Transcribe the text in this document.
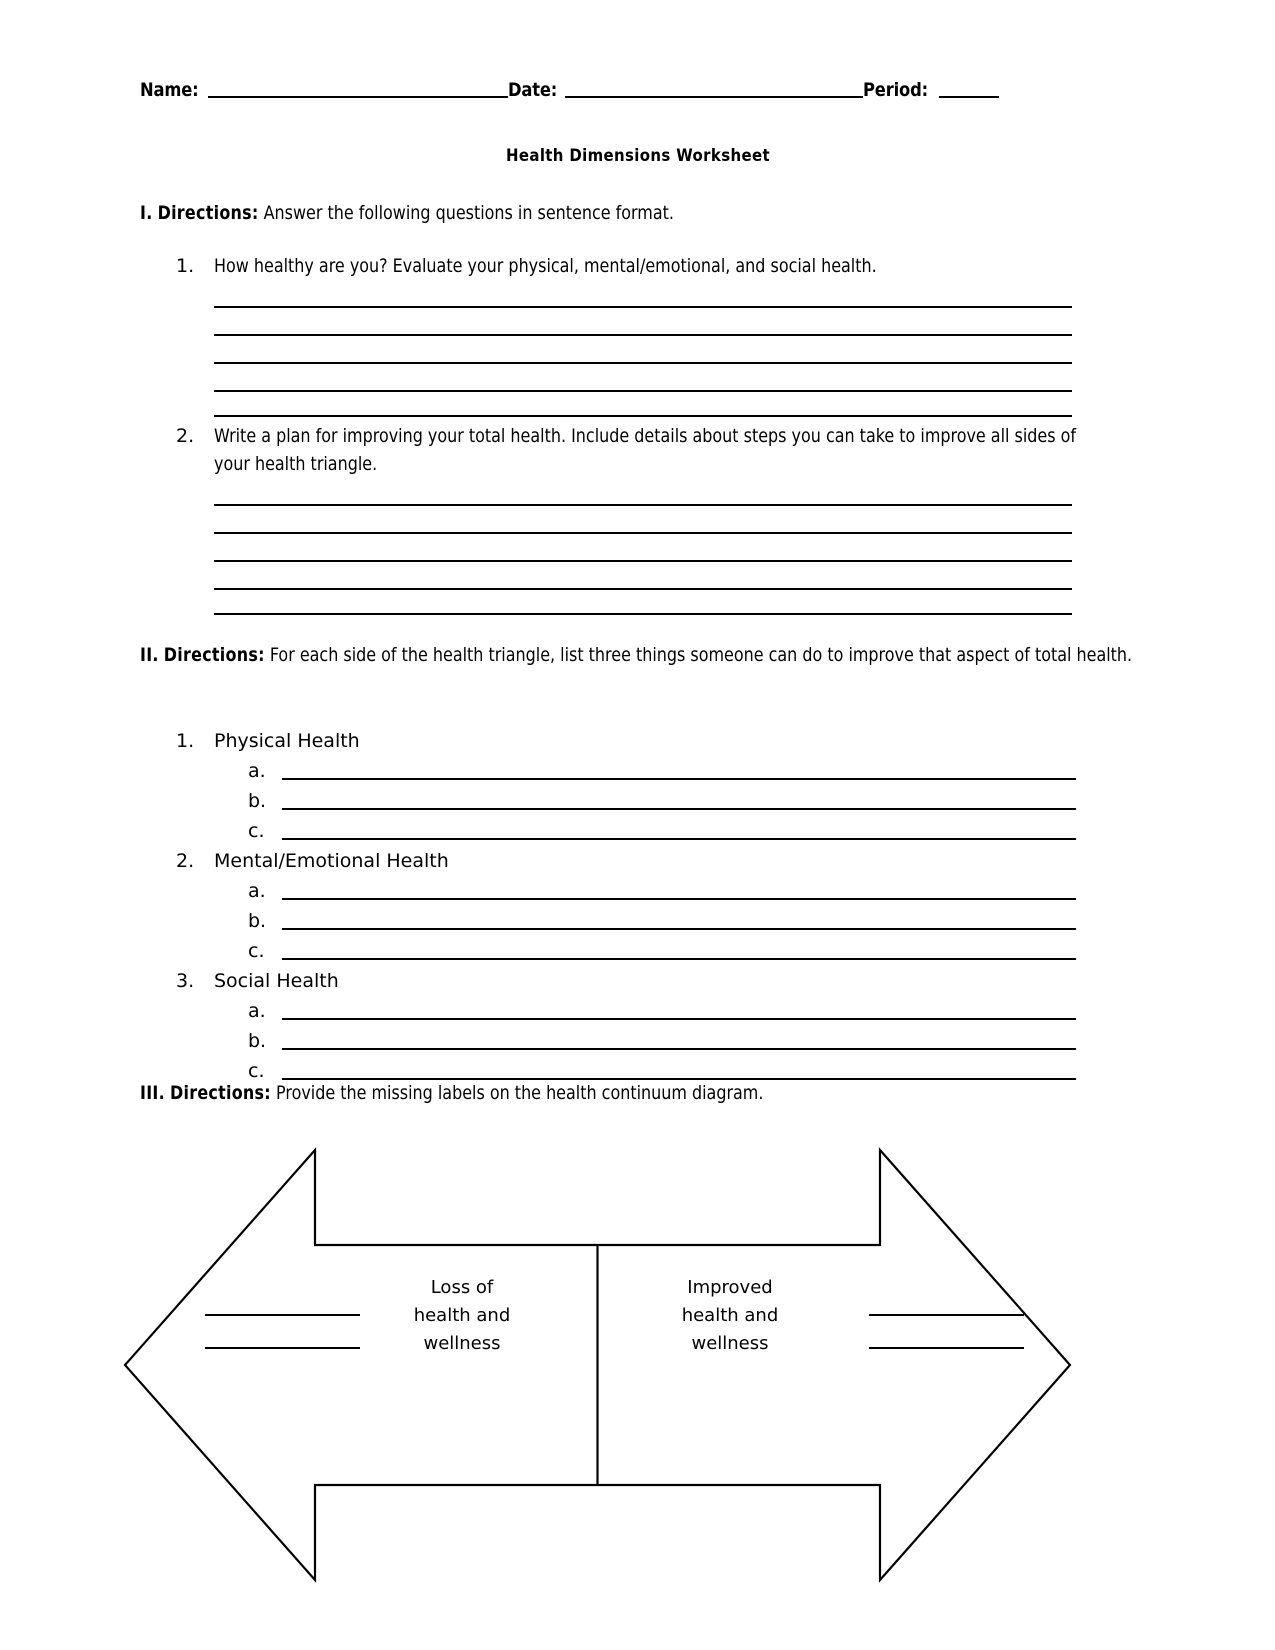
Name:	Date:	Period:
Health Dimensions Worksheet
I. Directions: Answer the following questions in sentence format.
1.	How healthy are you? Evaluate your physical, mental/emotional, and social health.
2.	Write a plan for improving your total health. Include details about steps you can take to improve all sides of your health triangle.
II. Directions: For each side of the health triangle, list three things someone can do to improve that aspect of total health.
1.	Physical Health
a.
b.
c.
2.	Mental/Emotional Health
a.
b.
c.
3.	Social Health
a.
b.
c.
III. Directions: Provide the missing labels on the health continuum diagram.
Loss of
health and
wellness
Improved
health and
wellness
